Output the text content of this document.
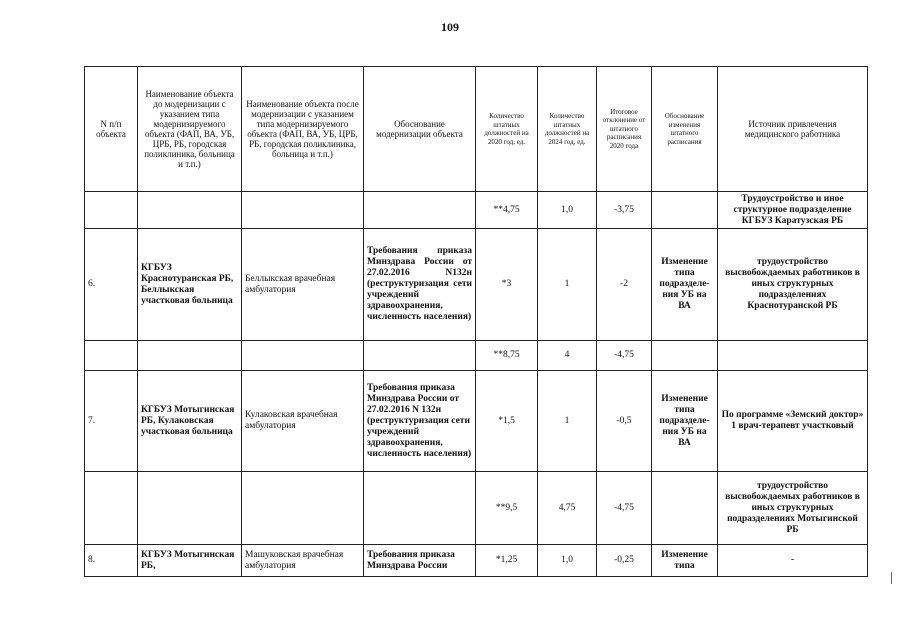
109
N п/п объекта	Наименование объекта до модернизации с указанием типа модернизируемого объекта (ФАП, ВА, УБ, ЦРБ, РБ, городская поликлиника, больница и т.п.)	Наименование объекта после модернизации с указанием типа модернизируемого объекта (ФАП, ВА, УБ, ЦРБ, РБ, городская поликлиника, больница и т.п.)	Обоснование модернизации объекта	Количество штатных должностей на 2020 год, ед.	Количество штатных должностей на 2024 год, ед.	Итоговое отклонение от штатного расписания 2020 года	Обоснование изменения штатного расписания	Источник привлечения медицинского работника
				**4,75	1,0	-3,75		Трудоустройство и иное структурное подразделение КГБУЗ Каратузская РБ
6.	КГБУЗ Краснотуранская РБ, Беллыкская участковая больница	Беллыкская врачебная амбулатория	Требования приказа Минздрава России от 27.02.2016 N132н (реструктуризация сети учреждений здравоохранения, численность населения)	*3	1	-2	Изменение типа подразделе-ния УБ на ВА	трудоустройство высвобождаемых работников в иных структурных подразделениях Краснотуранской РБ
				**8,75	4	-4,75		
7.	КГБУЗ Мотыгинская РБ, Кулаковская участковая больница	Кулаковская врачебная амбулатория	Требования приказа Минздрава России от 27.02.2016 N 132н (реструктуризация сети учреждений здравоохранения, численность населения)	*1,5	1	-0,5	Изменение типа подразделе-ния УБ на ВА	По программе «Земский доктор» 1 врач-терапевт участковый
				**9,5	4,75	-4,75		трудоустройство высвобождаемых работников в иных структурных подразделениях Мотыгинской РБ
8.	КГБУЗ Мотыгинская РБ,	Машуковская врачебная амбулатория	Требования приказа Минздрава России	*1,25	1,0	-0,25	Изменение типа	-
